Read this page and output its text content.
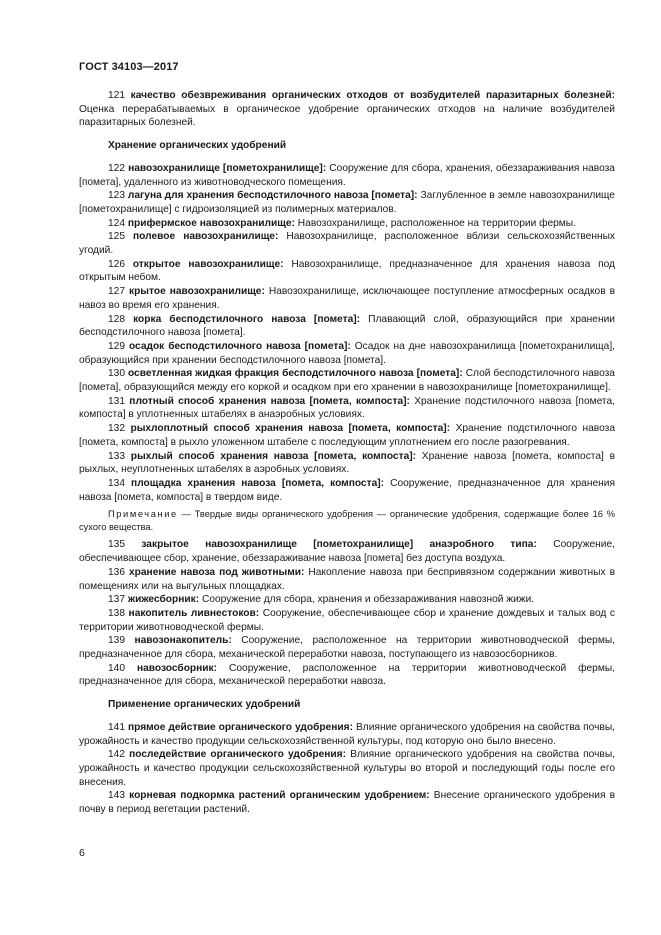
ГОСТ 34103—2017

121 качество обезвреживания органических отходов от возбудителей паразитарных болезней: Оценка перерабатываемых в органическое удобрение органических отходов на наличие возбудителей паразитарных болезней.

Хранение органических удобрений

122 навозохранилище [пометохранилище]: Сооружение для сбора, хранения, обеззараживания навоза [помета], удаленного из животноводческого помещения.

123 лагуна для хранения бесподстилочного навоза [помета]: Заглубленное в земле навозохранилище [пометохранилище] с гидроизоляцией из полимерных материалов.

124 прифермское навозохранилище: Навозохранилище, расположенное на территории фермы.

125 полевое навозохранилище: Навозохранилище, расположенное вблизи сельскохозяйственных угодий.

126 открытое навозохранилище: Навозохранилище, предназначенное для хранения навоза под открытым небом.

127 крытое навозохранилище: Навозохранилище, исключающее поступление атмосферных осадков в навоз во время его хранения.

128 корка бесподстилочного навоза [помета]: Плавающий слой, образующийся при хранении бесподстилочного навоза [помета].

129 осадок бесподстилочного навоза [помета]: Осадок на дне навозохранилища [пометохранилища], образующийся при хранении бесподстилочного навоза [помета].

130 осветленная жидкая фракция бесподстилочного навоза [помета]: Слой бесподстилочного навоза [помета], образующийся между его коркой и осадком при его хранении в навозохранилище [пометохранилище].

131 плотный способ хранения навоза [помета, компоста]: Хранение подстилочного навоза [помета, компоста] в уплотненных штабелях в анаэробных условиях.

132 рыхлоплотный способ хранения навоза [помета, компоста]: Хранение подстилочного навоза [помета, компоста] в рыхло уложенном штабеле с последующим уплотнением его после разогревания.

133 рыхлый способ хранения навоза [помета, компоста]: Хранение навоза [помета, компоста] в рыхлых, неуплотненных штабелях в аэробных условиях.

134 площадка хранения навоза [помета, компоста]: Сооружение, предназначенное для хранения навоза [помета, компоста] в твердом виде.

Примечание — Твердые виды органического удобрения — органические удобрения, содержащие более 16 % сухого вещества.

135 закрытое навозохранилище [пометохранилище] анаэробного типа: Сооружение, обеспечивающее сбор, хранение, обеззараживание навоза [помета] без доступа воздуха.

136 хранение навоза под животными: Накопление навоза при беспривязном содержании животных в помещениях или на выгульных площадках.

137 жижесборник: Сооружение для сбора, хранения и обеззараживания навозной жижи.

138 накопитель ливнестоков: Сооружение, обеспечивающее сбор и хранение дождевых и талых вод с территории животноводческой фермы.

139 навозонакопитель: Сооружение, расположенное на территории животноводческой фермы, предназначенное для сбора, механической переработки навоза, поступающего из навозосборников.

140 навозосборник: Сооружение, расположенное на территории животноводческой фермы, предназначенное для сбора, механической переработки навоза.

Применение органических удобрений

141 прямое действие органического удобрения: Влияние органического удобрения на свойства почвы, урожайность и качество продукции сельскохозяйственной культуры, под которую оно было внесено.

142 последействие органического удобрения: Влияние органического удобрения на свойства почвы, урожайность и качество продукции сельскохозяйственной культуры во второй и последующий годы после его внесения.

143 корневая подкормка растений органическим удобрением: Внесение органического удобрения в почву в период вегетации растений.

6
